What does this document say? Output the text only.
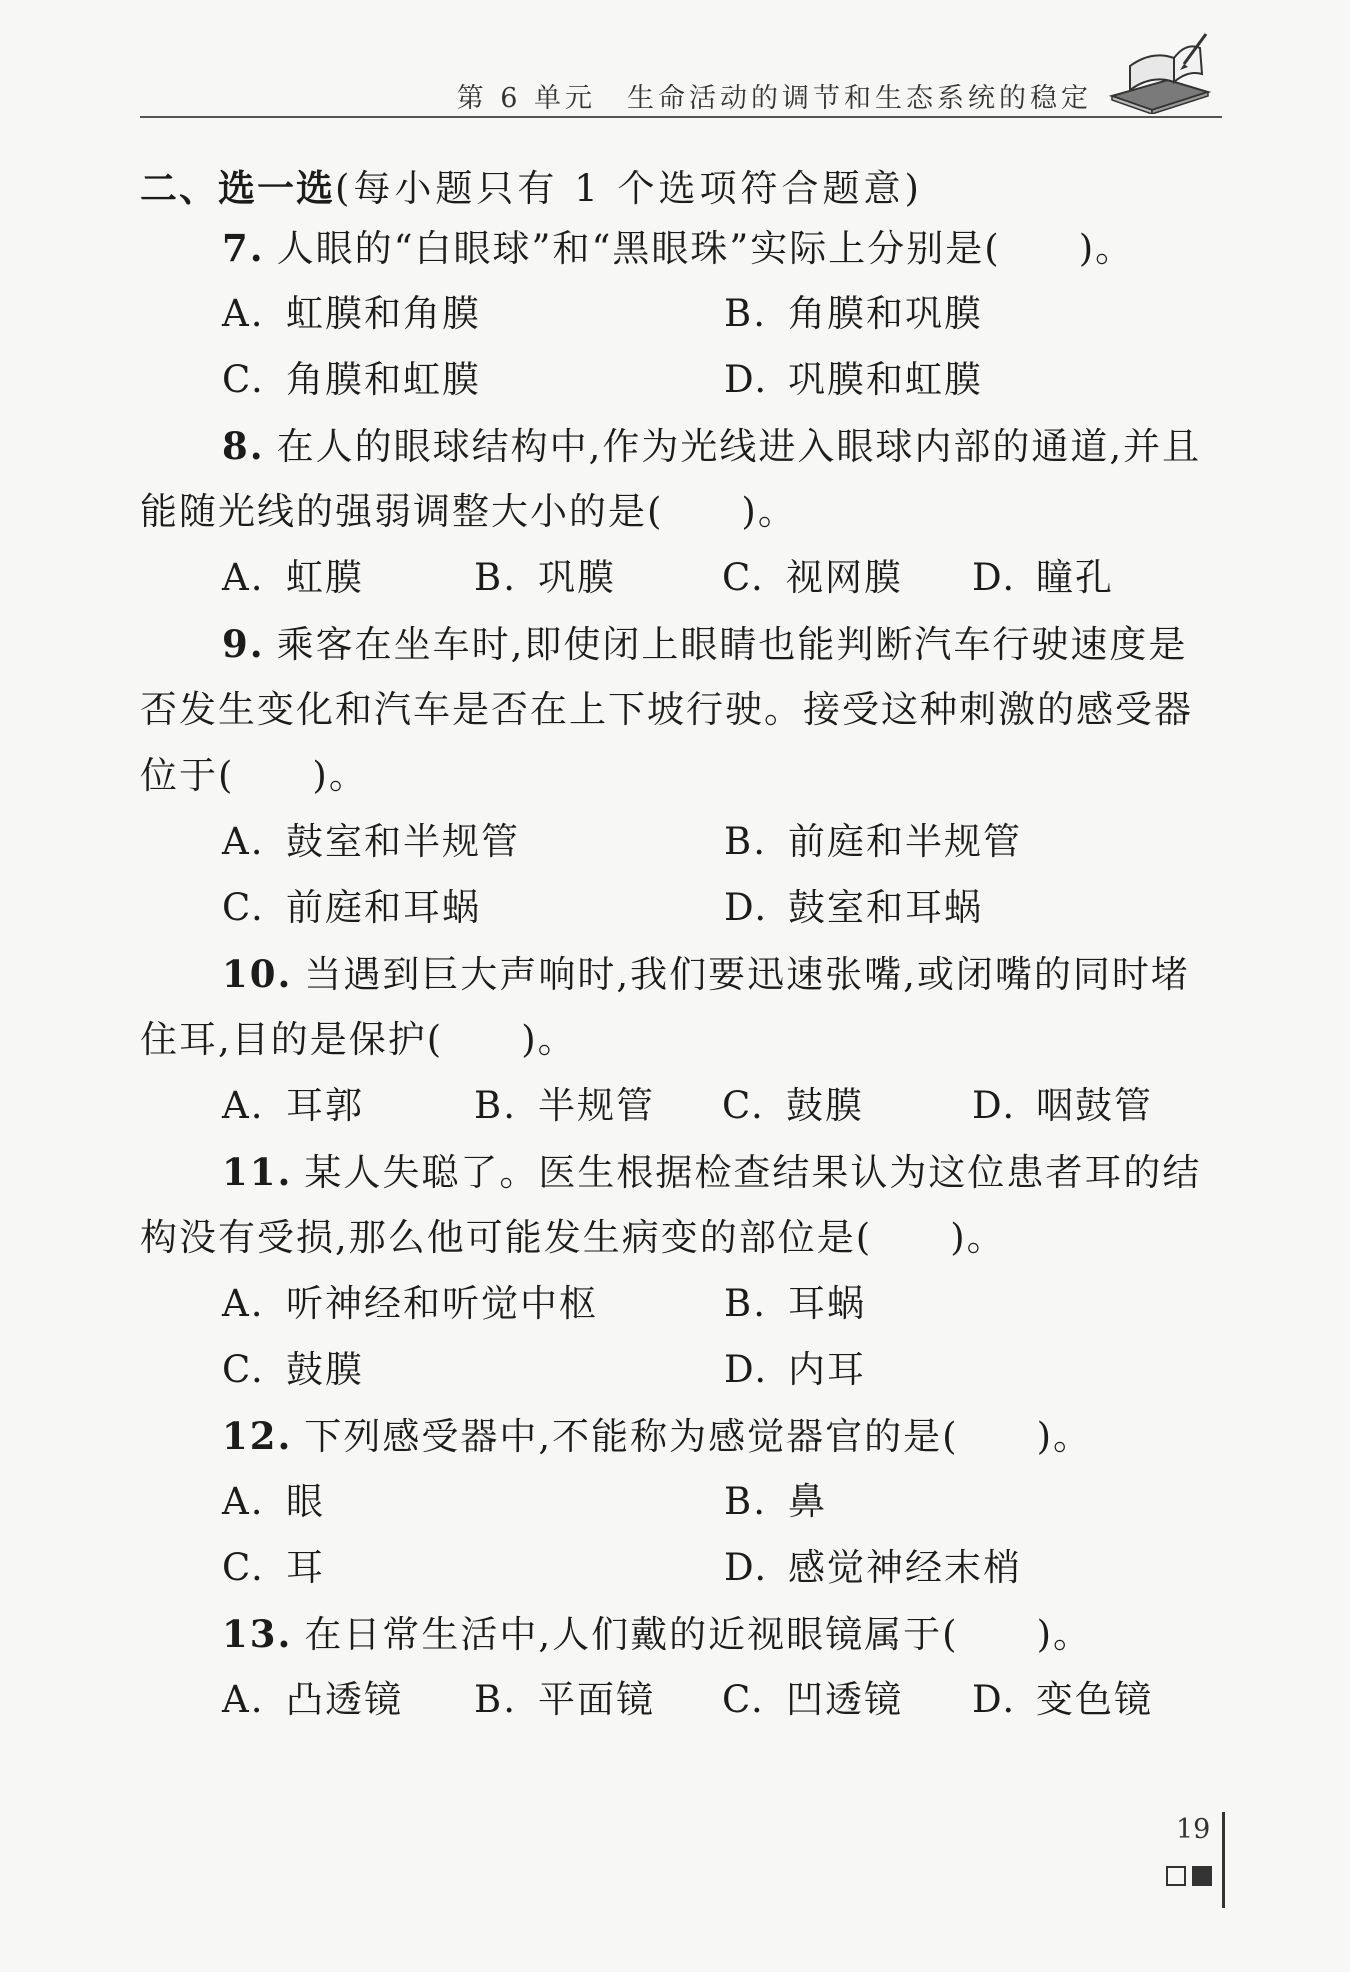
第 6 单元　生命活动的调节和生态系统的稳定
二、选一选(每小题只有 1 个选项符合题意)
7. 人眼的“白眼球”和“黑眼珠”实际上分别是(　　)。
A. 虹膜和角膜	B. 角膜和巩膜
C. 角膜和虹膜	D. 巩膜和虹膜
8. 在人的眼球结构中,作为光线进入眼球内部的通道,并且
能随光线的强弱调整大小的是(　　)。
A. 虹膜	B. 巩膜	C. 视网膜 D. 瞳孔
9. 乘客在坐车时,即使闭上眼睛也能判断汽车行驶速度是
否发生变化和汽车是否在上下坡行驶。接受这种刺激的感受器
位于(　　)。
A. 鼓室和半规管	B. 前庭和半规管
C. 前庭和耳蜗	D. 鼓室和耳蜗
10. 当遇到巨大声响时,我们要迅速张嘴,或闭嘴的同时堵
住耳,目的是保护(　　)。
A. 耳郭	B. 半规管 C. 鼓膜	D. 咽鼓管
11. 某人失聪了。医生根据检查结果认为这位患者耳的结
构没有受损,那么他可能发生病变的部位是(　　)。
A. 听神经和听觉中枢	B. 耳蜗
C. 鼓膜	D. 内耳
12. 下列感受器中,不能称为感觉器官的是(　　)。
A. 眼	B. 鼻
C. 耳	D. 感觉神经末梢
13. 在日常生活中,人们戴的近视眼镜属于(　　)。
A. 凸透镜 B. 平面镜 C. 凹透镜 D. 变色镜
19
